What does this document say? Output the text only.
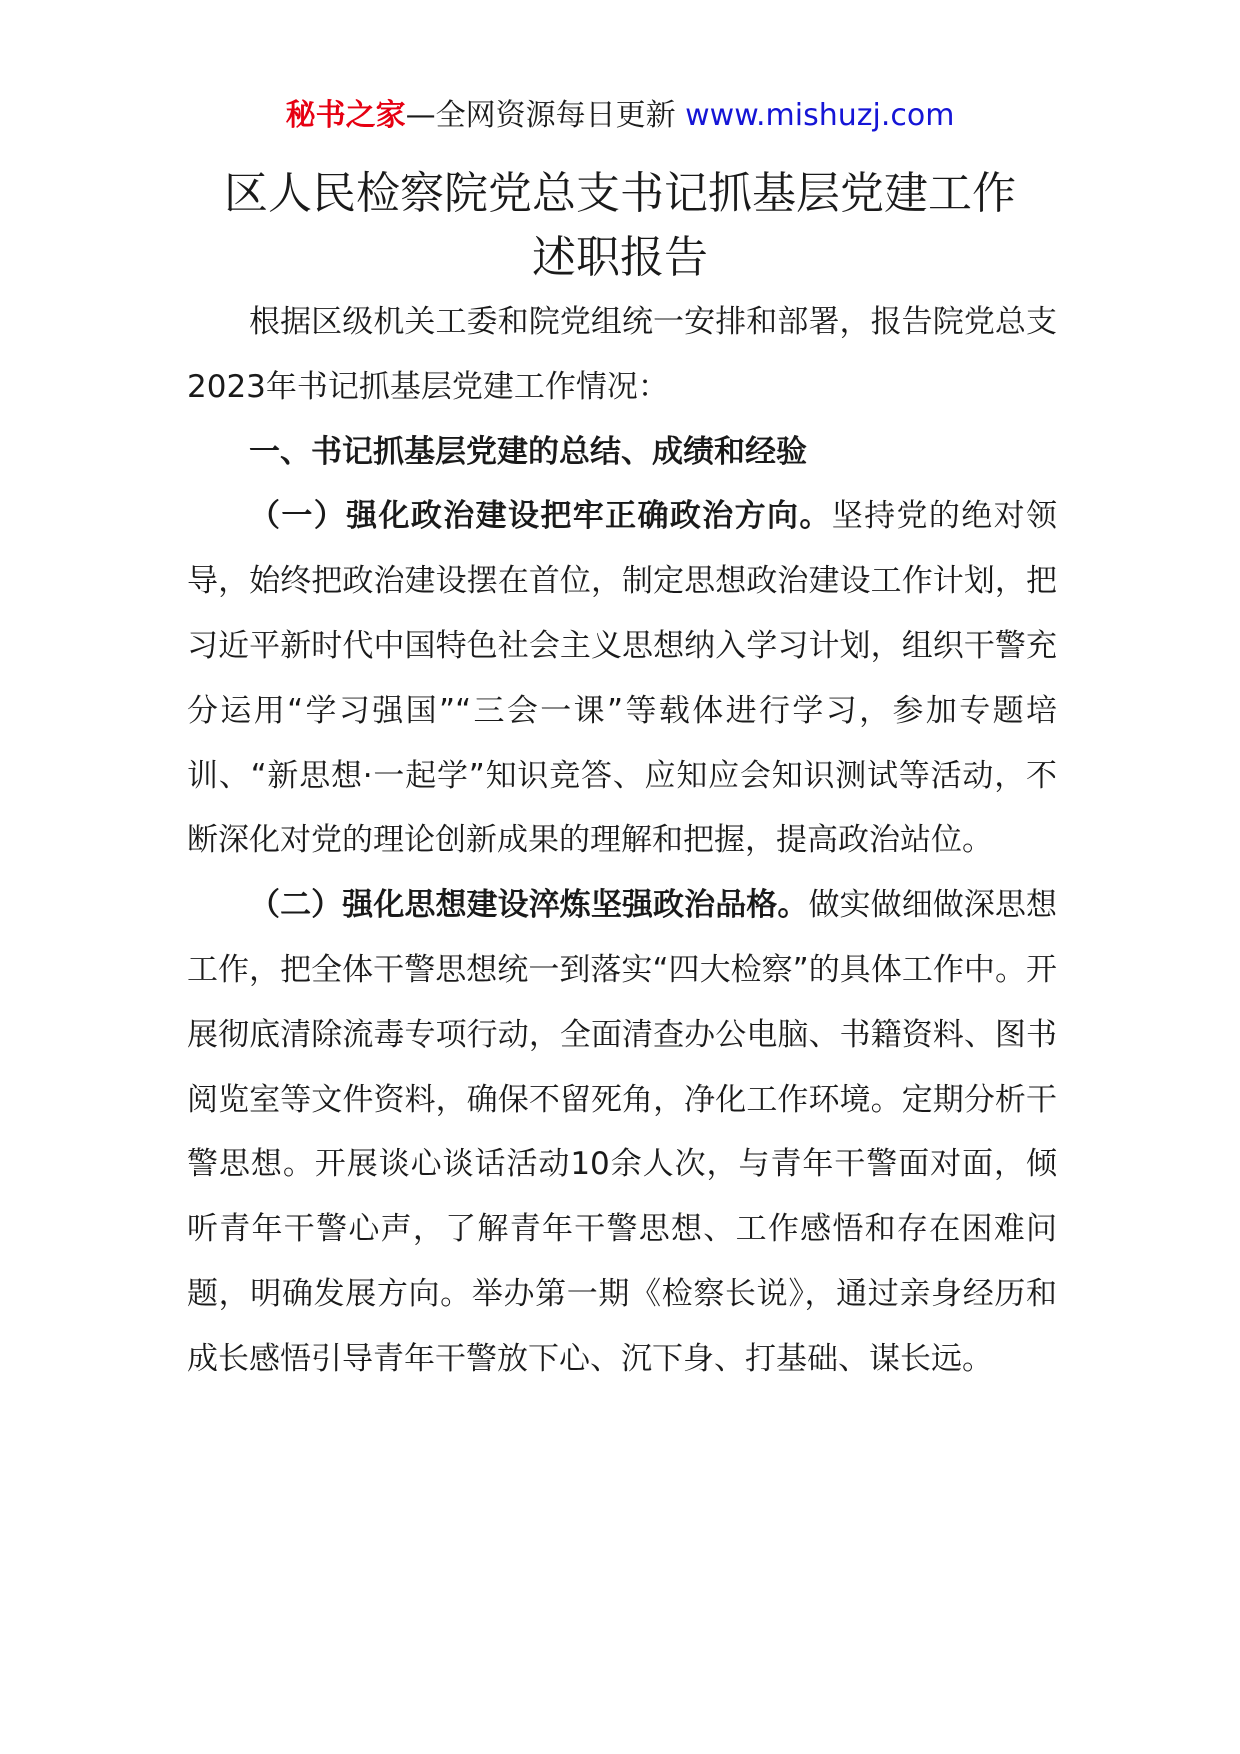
秘书之家—全网资源每日更新 www.mishuzj.com
区人民检察院党总支书记抓基层党建工作
述职报告

根据区级机关工委和院党组统一安排和部署，报告院党总支2023年书记抓基层党建工作情况：

一、书记抓基层党建的总结、成绩和经验

（一）强化政治建设把牢正确政治方向。坚持党的绝对领导，始终把政治建设摆在首位，制定思想政治建设工作计划，把习近平新时代中国特色社会主义思想纳入学习计划，组织干警充分运用“学习强国”“三会一课”等载体进行学习，参加专题培训、“新思想·一起学”知识竞答、应知应会知识测试等活动，不断深化对党的理论创新成果的理解和把握，提高政治站位。

（二）强化思想建设淬炼坚强政治品格。做实做细做深思想工作，把全体干警思想统一到落实“四大检察”的具体工作中。开展彻底清除流毒专项行动，全面清查办公电脑、书籍资料、图书阅览室等文件资料，确保不留死角，净化工作环境。定期分析干警思想。开展谈心谈话活动10余人次，与青年干警面对面，倾听青年干警心声，了解青年干警思想、工作感悟和存在困难问题，明确发展方向。举办第一期《检察长说》，通过亲身经历和成长感悟引导青年干警放下心、沉下身、打基础、谋长远。
